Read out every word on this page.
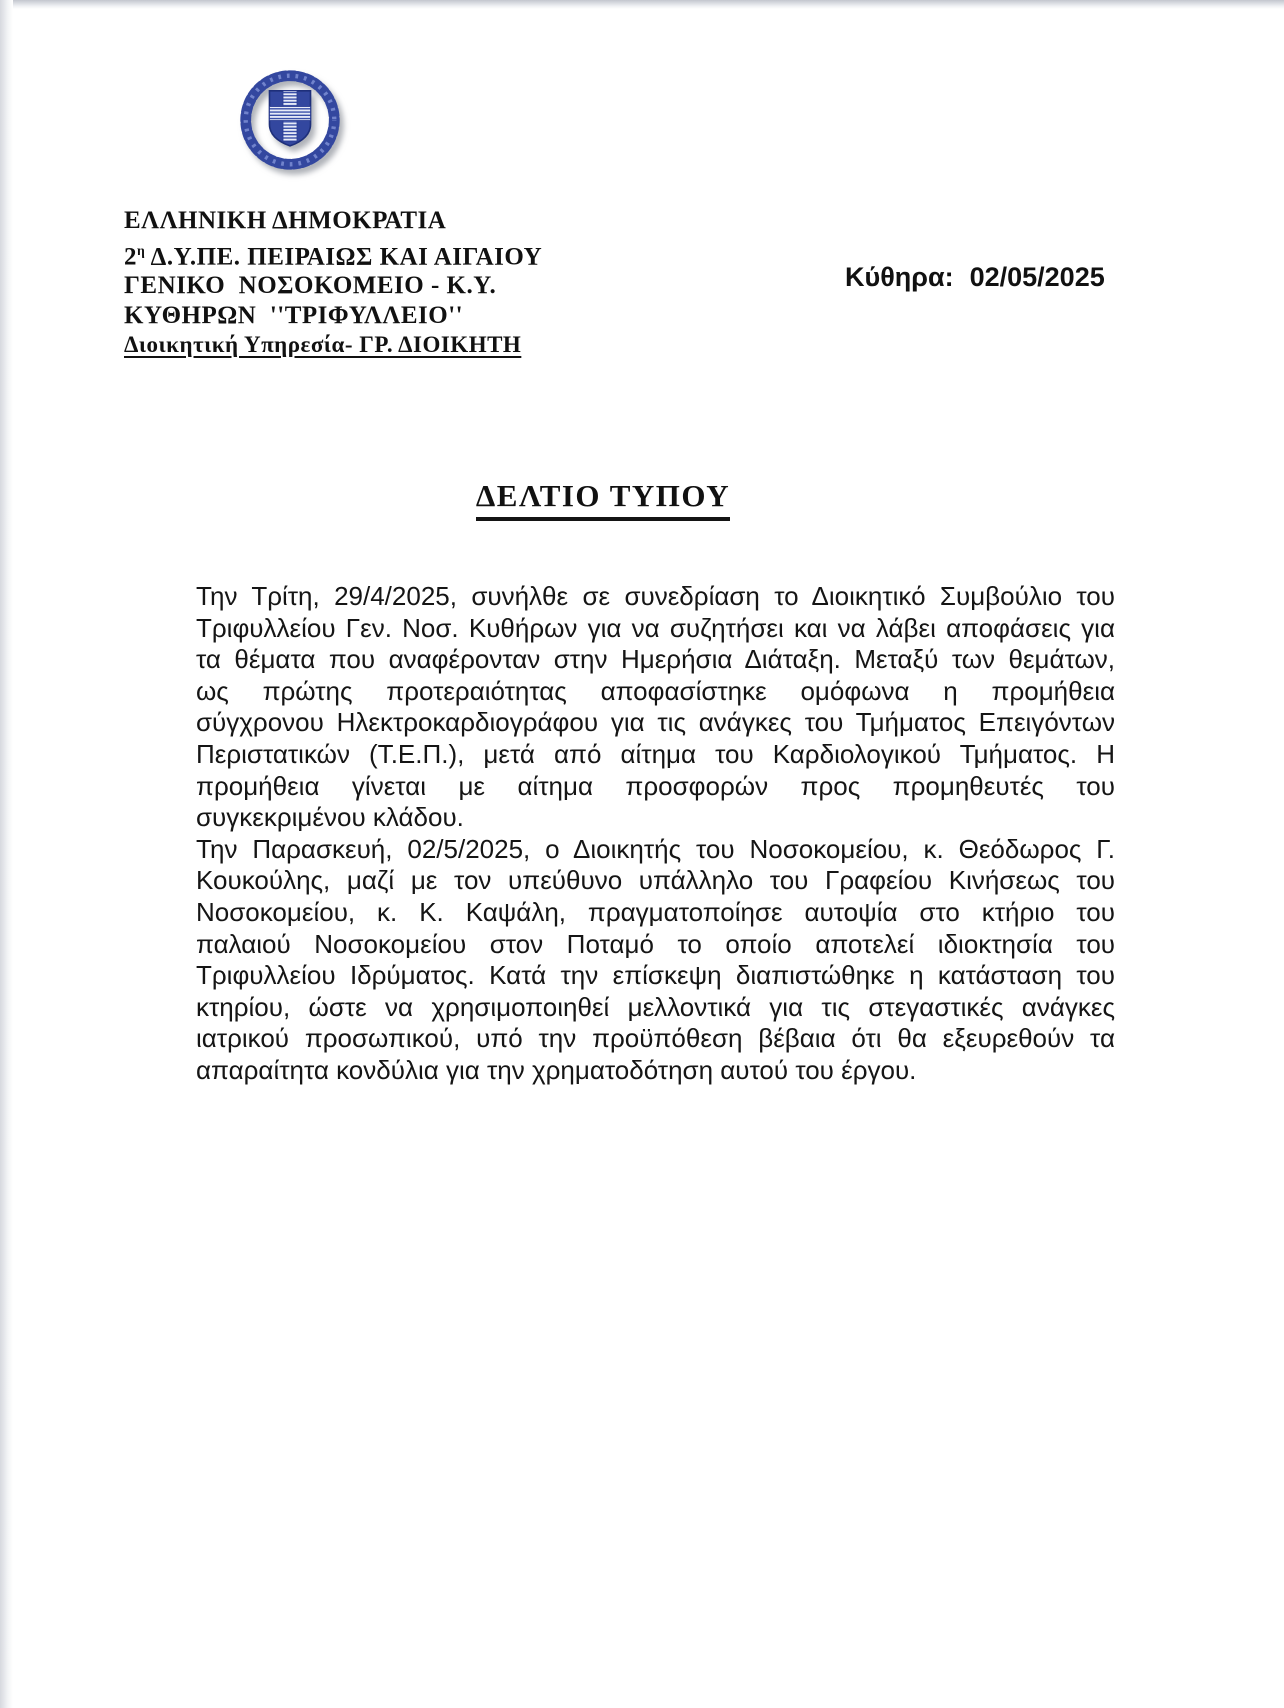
ΕΛΛΗΝΙΚΗ ΔΗΜΟΚΡΑΤΙΑ
$2^\eta$ Δ.Υ.ΠΕ. ΠΕΙΡΑΙΩΣ ΚΑΙ ΑΙΓΑΙΟΥ
ΓΕΝΙΚΟ  ΝΟΣΟΚΟΜΕΙΟ - Κ.Υ.
ΚΥΘΗΡΩΝ  ''ΤΡΙΦΥΛΛΕΙΟ''
Διοικητική Υπηρεσία- ΓΡ. ΔΙΟΙΚΗΤΗ
Κύθηρα: 02/05/2025
ΔΕΛΤΙΟ ΤΥΠΟΥ

Την Τρίτη, 29/4/2025, συνήλθε σε συνεδρίαση το Διοικητικό Συμβούλιο του
Τριφυλλείου Γεν. Νοσ. Κυθήρων για να συζητήσει και να λάβει αποφάσεις για
τα θέματα που αναφέρονταν στην Ημερήσια Διάταξη. Μεταξύ των θεμάτων,
ως πρώτης προτεραιότητας αποφασίστηκε ομόφωνα η προμήθεια
σύγχρονου Ηλεκτροκαρδιογράφου για τις ανάγκες του Τμήματος Επειγόντων
Περιστατικών (Τ.Ε.Π.), μετά από αίτημα του Καρδιολογικού Τμήματος. Η
προμήθεια γίνεται με αίτημα προσφορών προς προμηθευτές του
συγκεκριμένου κλάδου.

Την Παρασκευή, 02/5/2025, ο Διοικητής του Νοσοκομείου, κ. Θεόδωρος Γ.
Κουκούλης, μαζί με τον υπεύθυνο υπάλληλο του Γραφείου Κινήσεως του
Νοσοκομείου, κ. Κ. Καψάλη, πραγματοποίησε αυτοψία στο κτήριο του
παλαιού Νοσοκομείου στον Ποταμό το οποίο αποτελεί ιδιοκτησία του
Τριφυλλείου Ιδρύματος. Κατά την επίσκεψη διαπιστώθηκε η κατάσταση του
κτηρίου, ώστε να χρησιμοποιηθεί μελλοντικά για τις στεγαστικές ανάγκες
ιατρικού προσωπικού, υπό την προϋπόθεση βέβαια ότι θα εξευρεθούν τα
απαραίτητα κονδύλια για την χρηματοδότηση αυτού του έργου.
